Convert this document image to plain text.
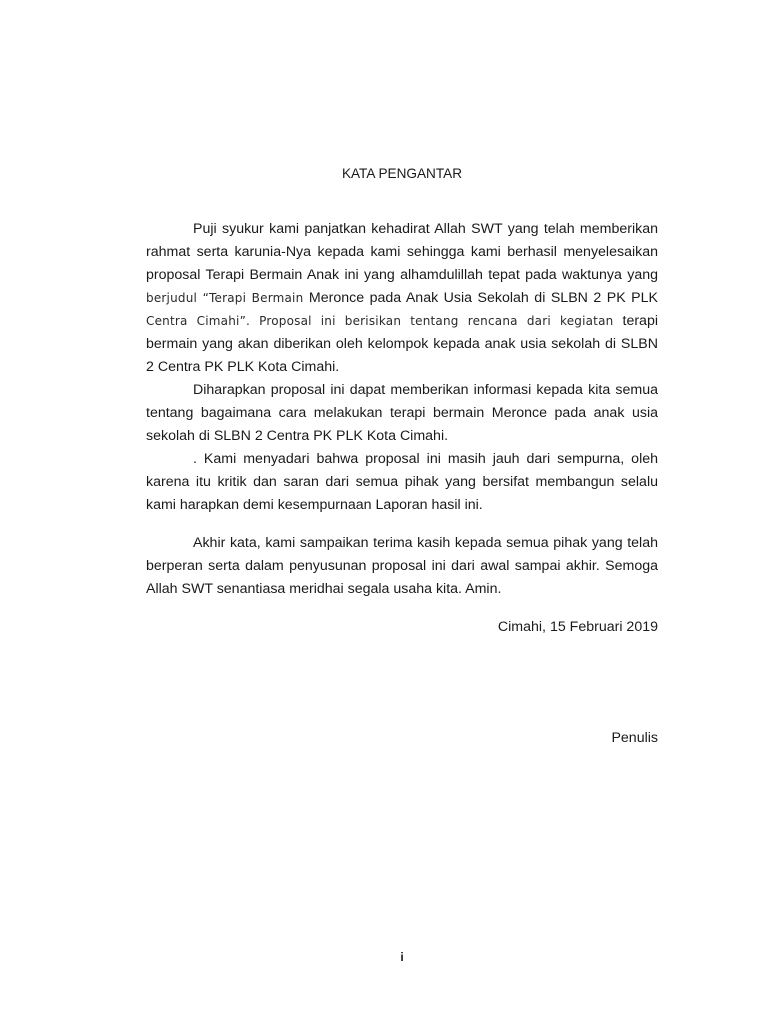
KATA PENGANTAR
Puji syukur kami panjatkan kehadirat Allah SWT yang telah memberikan
rahmat serta karunia-Nya kepada kami sehingga kami berhasil menyelesaikan
proposal Terapi Bermain Anak ini yang alhamdulillah tepat pada waktunya yang
berjudul “Terapi Bermain Meronce pada Anak Usia Sekolah di SLBN 2 PK PLK
Centra Cimahi”. Proposal ini berisikan tentang rencana dari kegiatan terapi
bermain yang akan diberikan oleh kelompok kepada anak usia sekolah di SLBN
2 Centra PK PLK Kota Cimahi.
Diharapkan proposal ini dapat memberikan informasi kepada kita semua
tentang bagaimana cara melakukan terapi bermain Meronce pada anak usia
sekolah di SLBN 2 Centra PK PLK Kota Cimahi.
. Kami menyadari bahwa proposal ini masih jauh dari sempurna, oleh
karena itu kritik dan saran dari semua pihak yang bersifat membangun selalu
kami harapkan demi kesempurnaan Laporan hasil ini.
Akhir kata, kami sampaikan terima kasih kepada semua pihak yang telah
berperan serta dalam penyusunan proposal ini dari awal sampai akhir. Semoga
Allah SWT senantiasa meridhai segala usaha kita. Amin.
Cimahi, 15 Februari 2019
Penulis
i
